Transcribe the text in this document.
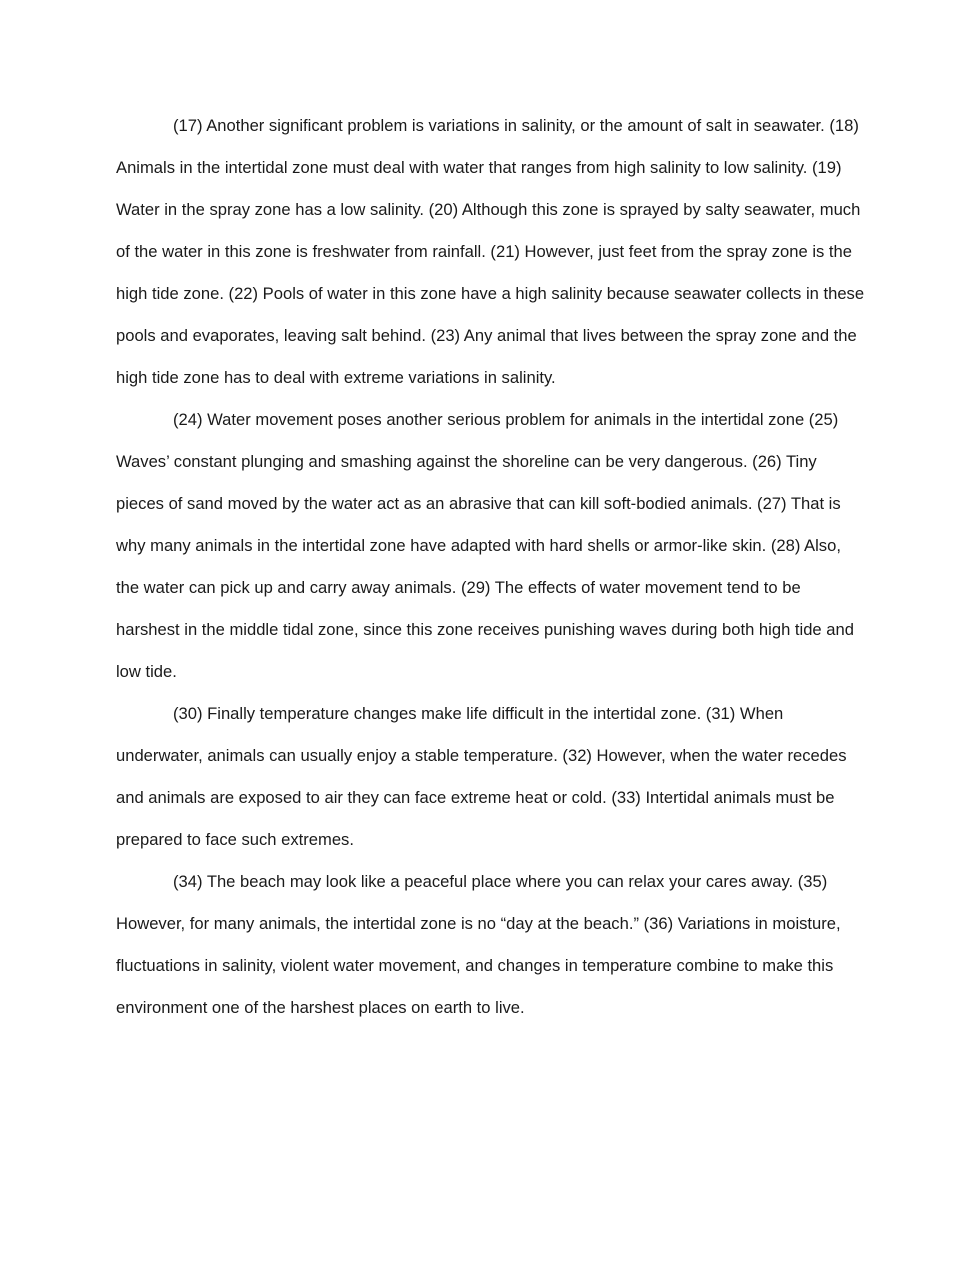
(17) Another significant problem is variations in salinity, or the amount of salt in seawater. (18) Animals in the intertidal zone must deal with water that ranges from high salinity to low salinity. (19) Water in the spray zone has a low salinity. (20) Although this zone is sprayed by salty seawater, much of the water in this zone is freshwater from rainfall. (21) However, just feet from the spray zone is the high tide zone. (22) Pools of water in this zone have a high salinity because seawater collects in these pools and evaporates, leaving salt behind. (23) Any animal that lives between the spray zone and the high tide zone has to deal with extreme variations in salinity.

(24) Water movement poses another serious problem for animals in the intertidal zone (25) Waves’ constant plunging and smashing against the shoreline can be very dangerous. (26) Tiny pieces of sand moved by the water act as an abrasive that can kill soft-bodied animals. (27) That is why many animals in the intertidal zone have adapted with hard shells or armor-like skin. (28) Also, the water can pick up and carry away animals. (29) The effects of water movement tend to be harshest in the middle tidal zone, since this zone receives punishing waves during both high tide and low tide.

(30) Finally temperature changes make life difficult in the intertidal zone. (31) When underwater, animals can usually enjoy a stable temperature. (32) However, when the water recedes and animals are exposed to air they can face extreme heat or cold. (33) Intertidal animals must be prepared to face such extremes.

(34) The beach may look like a peaceful place where you can relax your cares away. (35) However, for many animals, the intertidal zone is no “day at the beach.” (36) Variations in moisture, fluctuations in salinity, violent water movement, and changes in temperature combine to make this environment one of the harshest places on earth to live.
